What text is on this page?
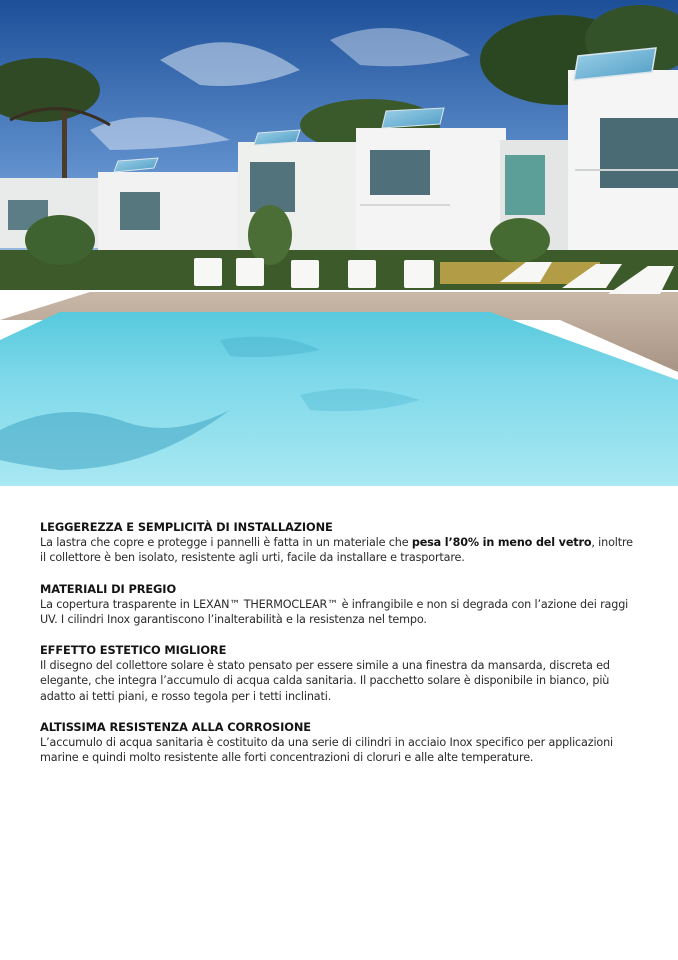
LEGGEREZZA E SEMPLICITÀ DI INSTALLAZIONE

La lastra che copre e protegge i pannelli è fatta in un materiale che pesa l’80% in meno del vetro, inoltre il collettore è ben isolato, resistente agli urti, facile da installare e trasportare.

MATERIALI DI PREGIO

La copertura trasparente in LEXAN™ THERMOCLEAR™ è infrangibile e non si degrada con l’azione dei raggi UV. I cilindri Inox garantiscono l’inalterabilità e la resistenza nel tempo.

EFFETTO ESTETICO MIGLIORE

Il disegno del collettore solare è stato pensato per essere simile a una finestra da mansarda, discreta ed elegante, che integra l’accumulo di acqua calda sanitaria. Il pacchetto solare è disponibile in bianco, più adatto ai tetti piani, e rosso tegola per i tetti inclinati.

ALTISSIMA RESISTENZA ALLA CORROSIONE

L’accumulo di acqua sanitaria è costituito da una serie di cilindri in acciaio Inox specifico per applicazioni marine e quindi molto resistente alle forti concentrazioni di cloruri e alle alte temperature.
